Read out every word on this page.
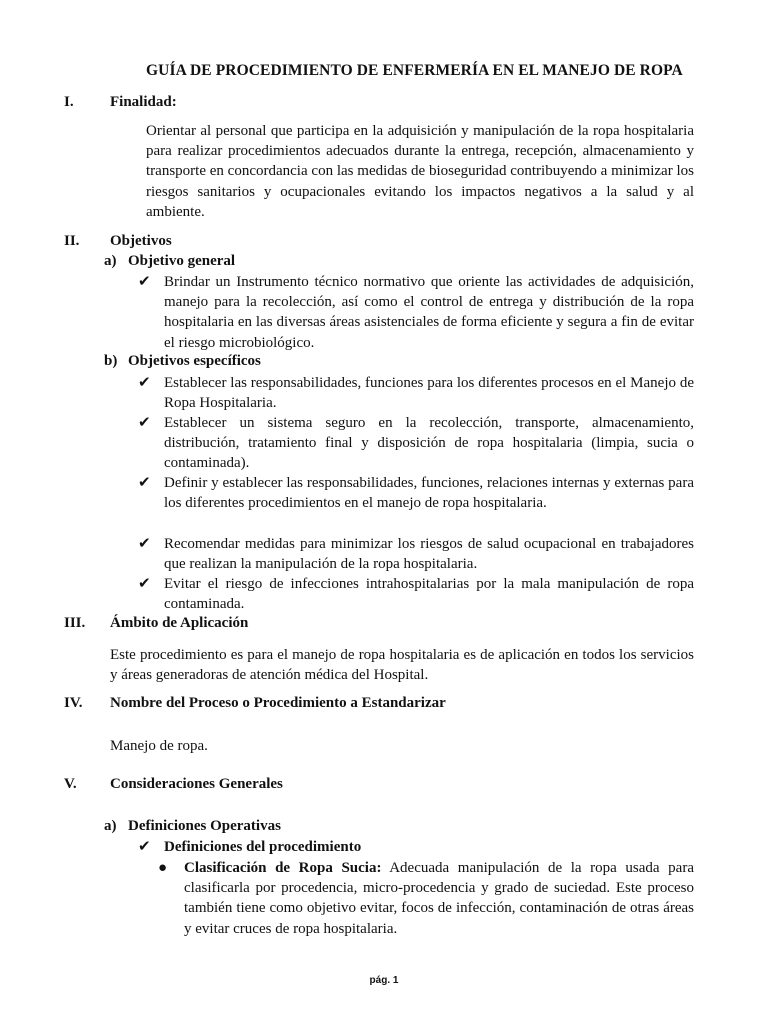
GUÍA DE PROCEDIMIENTO DE ENFERMERÍA EN EL MANEJO DE ROPA
I. Finalidad:
Orientar al personal que participa en la adquisición y manipulación de la ropa hospitalaria para realizar procedimientos adecuados durante la entrega, recepción, almacenamiento y transporte en concordancia con las medidas de bioseguridad contribuyendo a minimizar los riesgos sanitarios y ocupacionales evitando los impactos negativos a la salud y al ambiente.
II. Objetivos
a) Objetivo general
✔ Brindar un Instrumento técnico normativo que oriente las actividades de adquisición, manejo para la recolección, así como el control de entrega y distribución de la ropa hospitalaria en las diversas áreas asistenciales de forma eficiente y segura a fin de evitar el riesgo microbiológico.
b) Objetivos específicos
✔ Establecer las responsabilidades, funciones para los diferentes procesos en el Manejo de Ropa Hospitalaria.
✔ Establecer un sistema seguro en la recolección, transporte, almacenamiento, distribución, tratamiento final y disposición de ropa hospitalaria (limpia, sucia o contaminada).
✔ Definir y establecer las responsabilidades, funciones, relaciones internas y externas para los diferentes procedimientos en el manejo de ropa hospitalaria.
✔ Recomendar medidas para minimizar los riesgos de salud ocupacional en trabajadores que realizan la manipulación de la ropa hospitalaria.
✔ Evitar el riesgo de infecciones intrahospitalarias por la mala manipulación de ropa contaminada.
III. Ámbito de Aplicación
Este procedimiento es para el manejo de ropa hospitalaria es de aplicación en todos los servicios y áreas generadoras de atención médica del Hospital.
IV. Nombre del Proceso o Procedimiento a Estandarizar
Manejo de ropa.
V. Consideraciones Generales
a) Definiciones Operativas
✔ Definiciones del procedimiento
● Clasificación de Ropa Sucia: Adecuada manipulación de la ropa usada para clasificarla por procedencia, micro-procedencia y grado de suciedad. Este proceso también tiene como objetivo evitar, focos de infección, contaminación de otras áreas y evitar cruces de ropa hospitalaria.
pág. 1
